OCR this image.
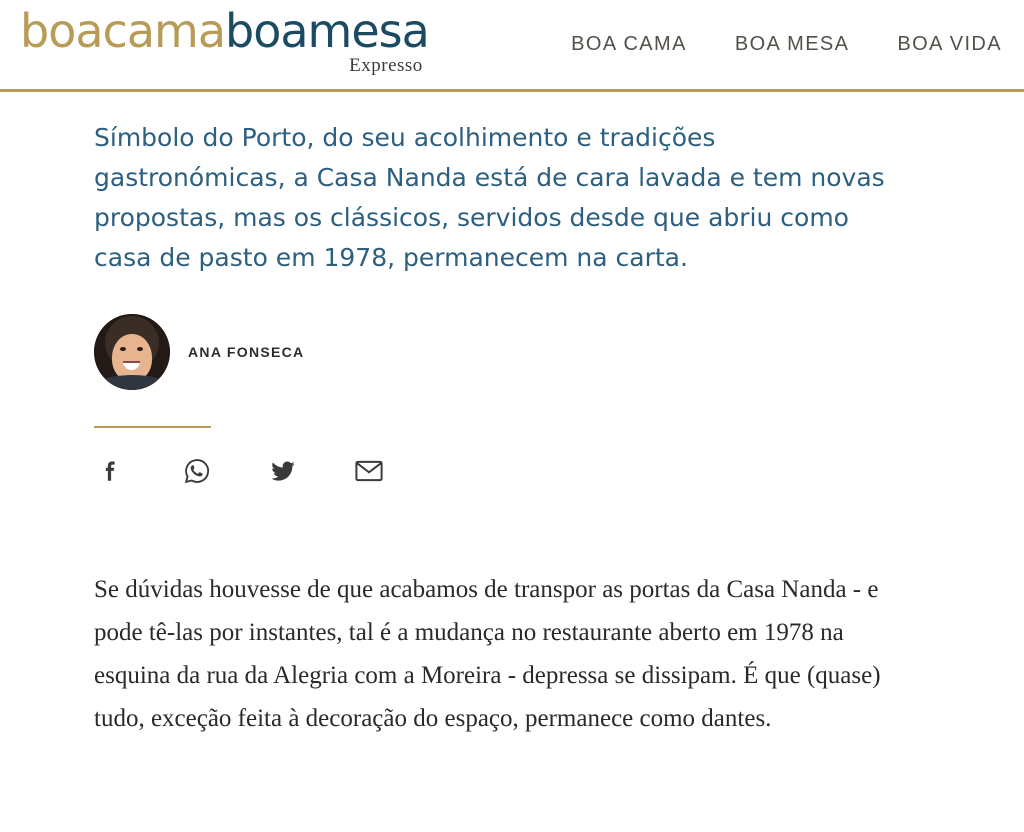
boacamaboamesa
Expresso
BOA CAMA BOA MESA BOA VIDA

Símbolo do Porto, do seu acolhimento e tradições gastronómicas, a Casa Nanda está de cara lavada e tem novas propostas, mas os clássicos, servidos desde que abriu como casa de pasto em 1978, permanecem na carta.

ANA FONSECA

Se dúvidas houvesse de que acabamos de transpor as portas da Casa Nanda - e pode tê-las por instantes, tal é a mudança no restaurante aberto em 1978 na esquina da rua da Alegria com a Moreira - depressa se dissipam. É que (quase) tudo, exceção feita à decoração do espaço, permanece como dantes.
